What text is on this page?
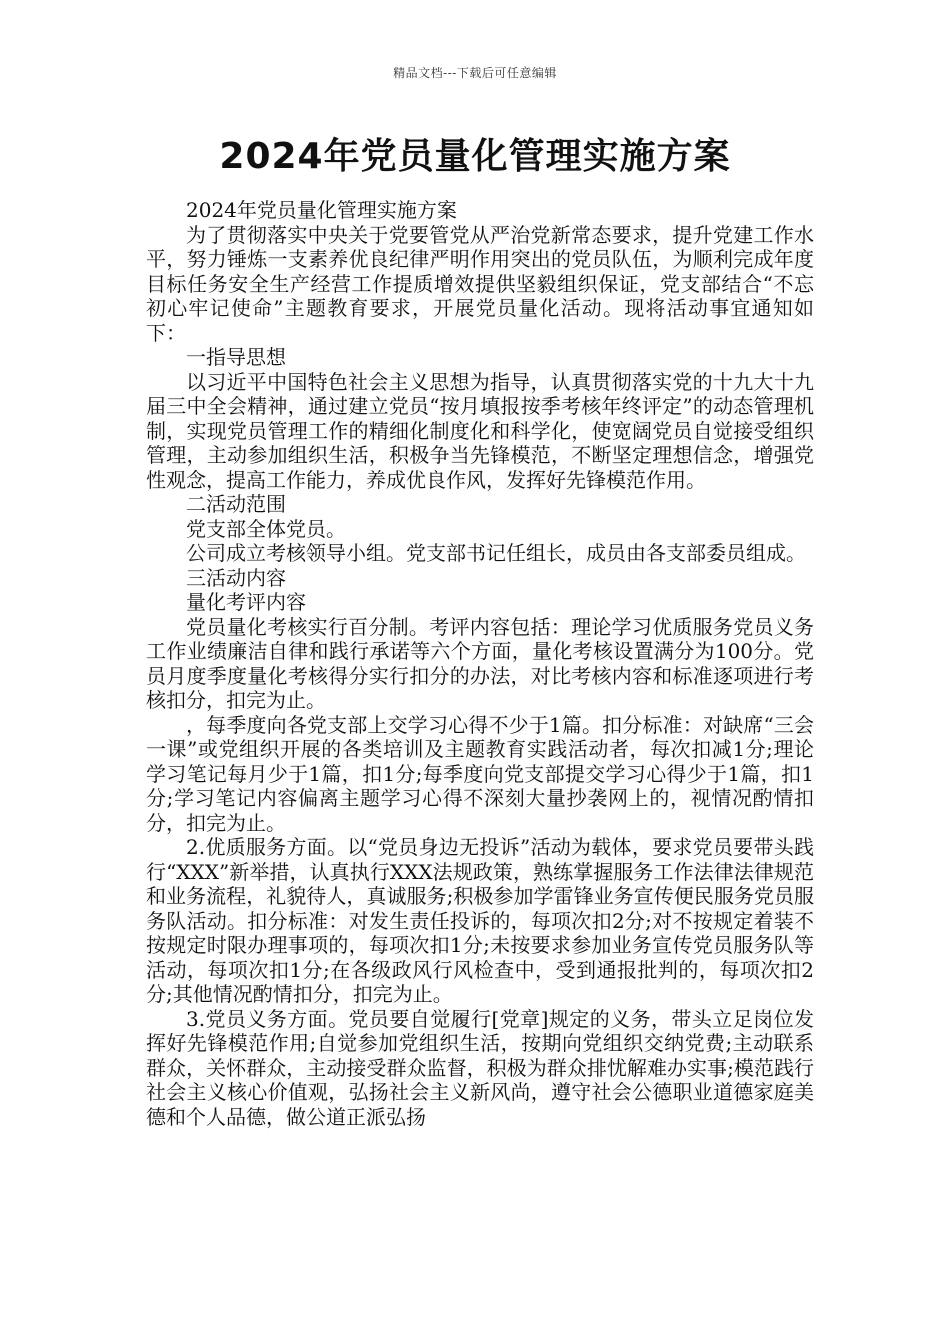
精品文档---下载后可任意编辑
2024年党员量化管理实施方案

2024年党员量化管理实施方案

为了贯彻落实中央关于党要管党从严治党新常态要求，提升党建工作水平，努力锤炼一支素养优良纪律严明作用突出的党员队伍，为顺利完成年度目标任务安全生产经营工作提质增效提供坚毅组织保证，党支部结合“不忘初心牢记使命”主题教育要求，开展党员量化活动。现将活动事宜通知如下：

一指导思想

以习近平中国特色社会主义思想为指导，认真贯彻落实党的十九大十九届三中全会精神，通过建立党员“按月填报按季考核年终评定”的动态管理机制，实现党员管理工作的精细化制度化和科学化，使宽阔党员自觉接受组织管理，主动参加组织生活，积极争当先锋模范，不断坚定理想信念，增强党性观念，提高工作能力，养成优良作风，发挥好先锋模范作用。

二活动范围

党支部全体党员。

公司成立考核领导小组。党支部书记任组长，成员由各支部委员组成。

三活动内容

量化考评内容

党员量化考核实行百分制。考评内容包括：理论学习优质服务党员义务工作业绩廉洁自律和践行承诺等六个方面，量化考核设置满分为100分。党员月度季度量化考核得分实行扣分的办法，对比考核内容和标准逐项进行考核扣分，扣完为止。

，每季度向各党支部上交学习心得不少于1篇。扣分标准：对缺席“三会一课”或党组织开展的各类培训及主题教育实践活动者，每次扣减1分;理论学习笔记每月少于1篇，扣1分;每季度向党支部提交学习心得少于1篇，扣1分;学习笔记内容偏离主题学习心得不深刻大量抄袭网上的，视情况酌情扣分，扣完为止。

2.优质服务方面。以“党员身边无投诉”活动为载体，要求党员要带头践行“XXX”新举措，认真执行XXX法规政策，熟练掌握服务工作法律法律规范和业务流程，礼貌待人，真诚服务;积极参加学雷锋业务宣传便民服务党员服务队活动。扣分标准：对发生责任投诉的，每项次扣2分;对不按规定着装不按规定时限办理事项的，每项次扣1分;未按要求参加业务宣传党员服务队等活动，每项次扣1分;在各级政风行风检查中，受到通报批判的，每项次扣2分;其他情况酌情扣分，扣完为止。

3.党员义务方面。党员要自觉履行[党章]规定的义务，带头立足岗位发挥好先锋模范作用;自觉参加党组织生活，按期向党组织交纳党费;主动联系群众，关怀群众，主动接受群众监督，积极为群众排忧解难办实事;模范践行社会主义核心价值观，弘扬社会主义新风尚，遵守社会公德职业道德家庭美德和个人品德，做公道正派弘扬
